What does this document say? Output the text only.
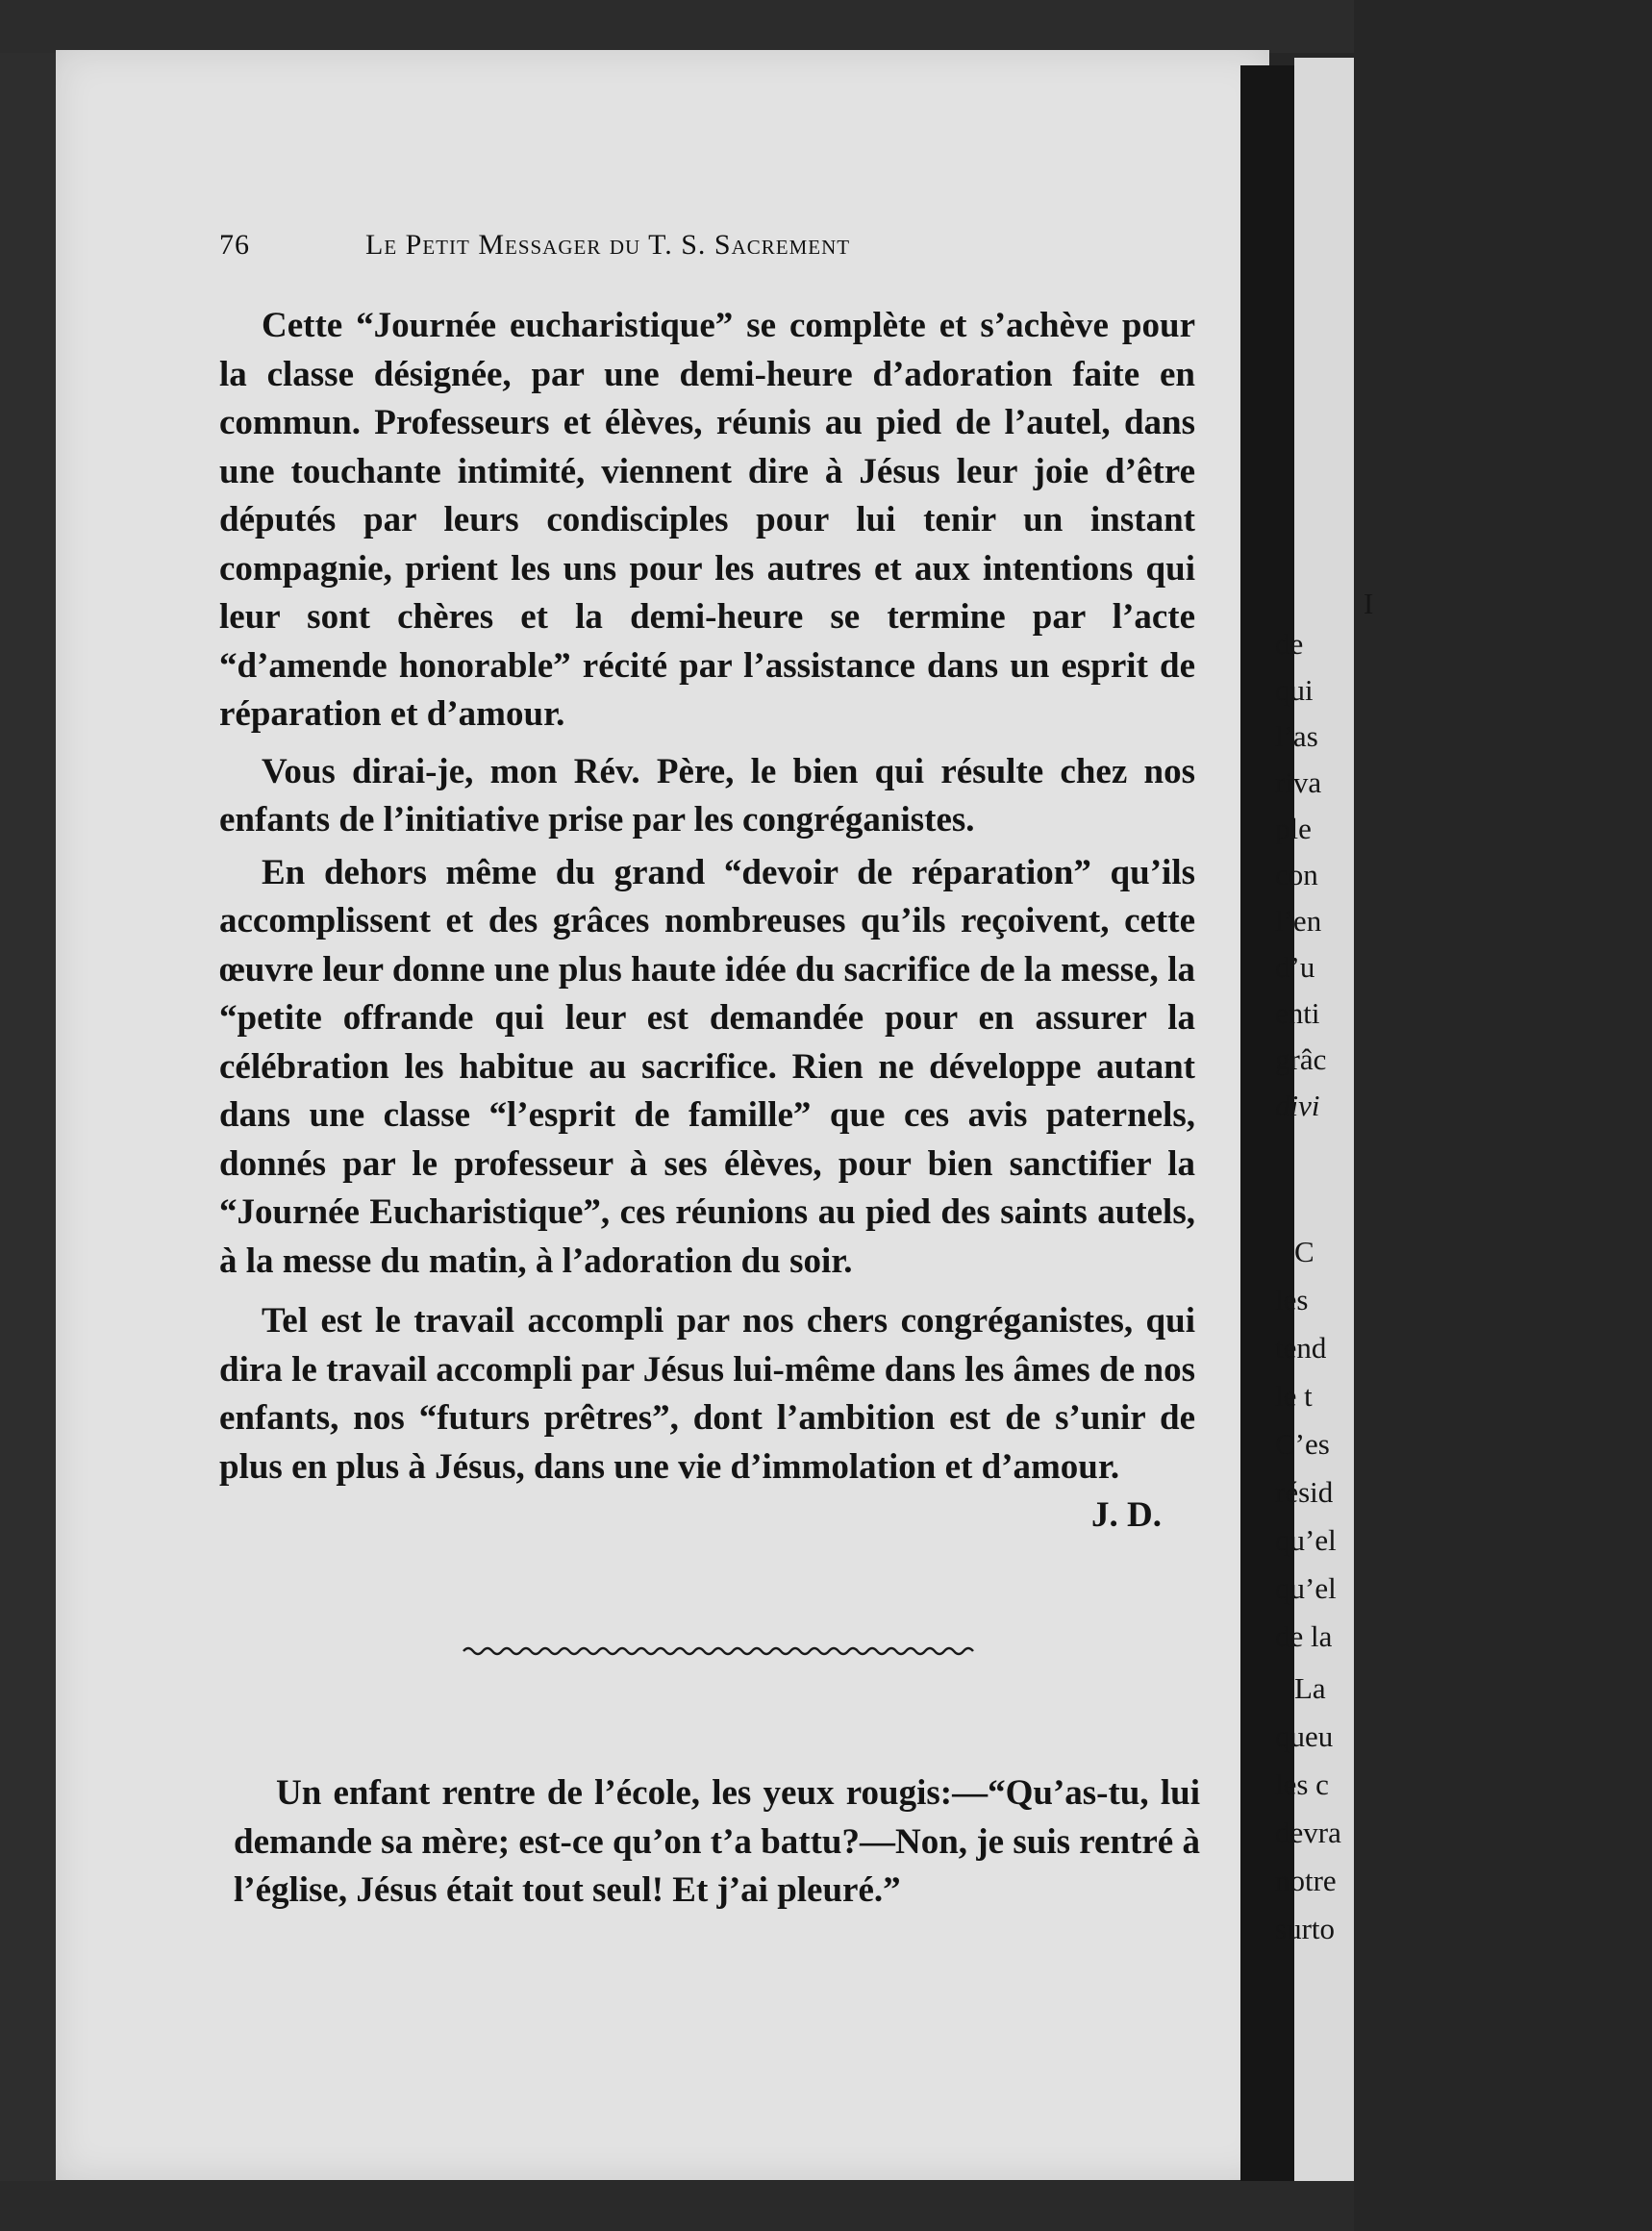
I
de
qui
l’as
riva
ple
con
l’en
d’u
enti
grâc
divi
C
les
tend
le t
C’es
résid
qu’el
qu’el
de la
La
queu
les c
devra
notre
surto
76	Le Petit Messager du T. S. Sacrement

Cette “Journée eucharistique” se complète et s’achève pour la classe désignée, par une demi-heure d’adoration faite en commun. Professeurs et élèves, réunis au pied de l’autel, dans une touchante intimité, viennent dire à Jésus leur joie d’être députés par leurs condisciples pour lui tenir un instant compagnie, prient les uns pour les autres et aux intentions qui leur sont chères et la demi-heure se termine par l’acte “d’amende honorable” récité par l’assistance dans un esprit de réparation et d’amour.

Vous dirai-je, mon Rév. Père, le bien qui résulte chez nos enfants de l’initiative prise par les congréganistes.

En dehors même du grand “devoir de réparation” qu’ils accomplissent et des grâces nombreuses qu’ils reçoivent, cette œuvre leur donne une plus haute idée du sacrifice de la messe, la “petite offrande qui leur est demandée pour en assurer la célébration les habitue au sacrifice. Rien ne développe autant dans une classe “l’esprit de famille” que ces avis paternels, donnés par le professeur à ses élèves, pour bien sanctifier la “Journée Eucharistique”, ces réunions au pied des saints autels, à la messe du matin, à l’adoration du soir.

Tel est le travail accompli par nos chers congréganistes, qui dira le travail accompli par Jésus lui-même dans les âmes de nos enfants, nos “futurs prêtres”, dont l’ambition est de s’unir de plus en plus à Jésus, dans une vie d’immolation et d’amour.

J. D.

Un enfant rentre de l’école, les yeux rougis:—“Qu’as-tu, lui demande sa mère; est-ce qu’on t’a battu?—Non, je suis rentré à l’église, Jésus était tout seul! Et j’ai pleuré.”
